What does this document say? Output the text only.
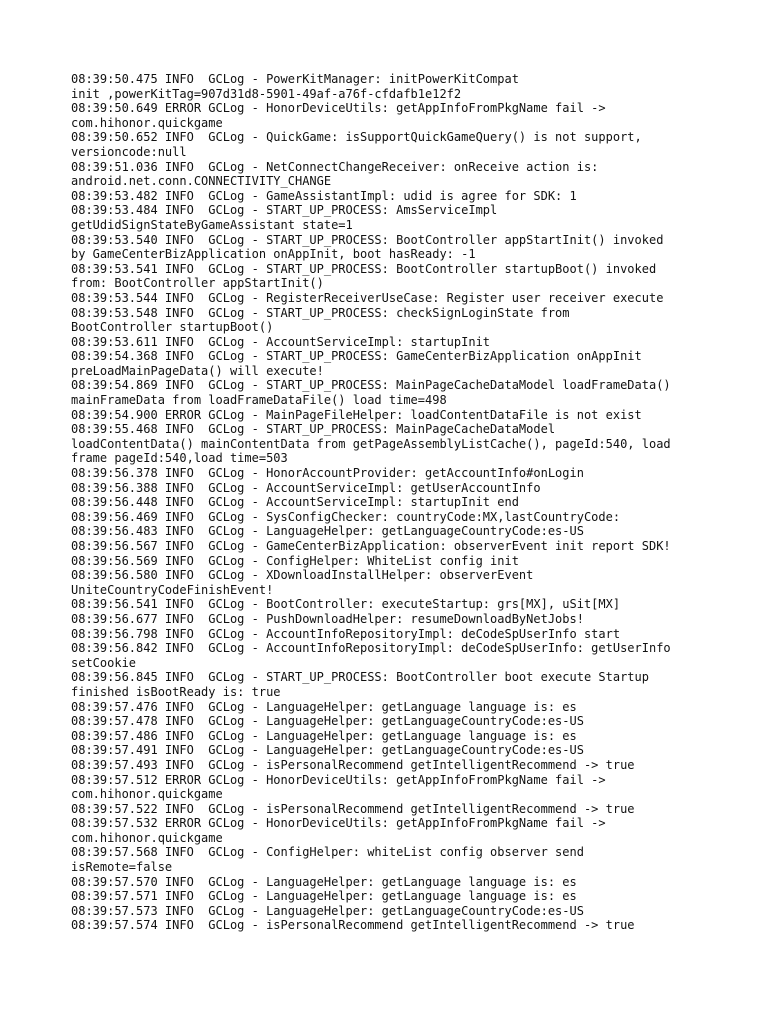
08:39:50.475 INFO  GCLog - PowerKitManager: initPowerKitCompat
init ,powerKitTag=907d31d8-5901-49af-a76f-cfdafb1e12f2
08:39:50.649 ERROR GCLog - HonorDeviceUtils: getAppInfoFromPkgName fail ->
com.hihonor.quickgame
08:39:50.652 INFO  GCLog - QuickGame: isSupportQuickGameQuery() is not support,
versioncode:null
08:39:51.036 INFO  GCLog - NetConnectChangeReceiver: onReceive action is:
android.net.conn.CONNECTIVITY_CHANGE
08:39:53.482 INFO  GCLog - GameAssistantImpl: udid is agree for SDK: 1
08:39:53.484 INFO  GCLog - START_UP_PROCESS: AmsServiceImpl
getUdidSignStateByGameAssistant state=1
08:39:53.540 INFO  GCLog - START_UP_PROCESS: BootController appStartInit() invoked
by GameCenterBizApplication onAppInit, boot hasReady: -1
08:39:53.541 INFO  GCLog - START_UP_PROCESS: BootController startupBoot() invoked
from: BootController appStartInit()
08:39:53.544 INFO  GCLog - RegisterReceiverUseCase: Register user receiver execute
08:39:53.548 INFO  GCLog - START_UP_PROCESS: checkSignLoginState from
BootController startupBoot()
08:39:53.611 INFO  GCLog - AccountServiceImpl: startupInit
08:39:54.368 INFO  GCLog - START_UP_PROCESS: GameCenterBizApplication onAppInit
preLoadMainPageData() will execute!
08:39:54.869 INFO  GCLog - START_UP_PROCESS: MainPageCacheDataModel loadFrameData()
mainFrameData from loadFrameDataFile() load time=498
08:39:54.900 ERROR GCLog - MainPageFileHelper: loadContentDataFile is not exist
08:39:55.468 INFO  GCLog - START_UP_PROCESS: MainPageCacheDataModel
loadContentData() mainContentData from getPageAssemblyListCache(), pageId:540, load
frame pageId:540,load time=503
08:39:56.378 INFO  GCLog - HonorAccountProvider: getAccountInfo#onLogin
08:39:56.388 INFO  GCLog - AccountServiceImpl: getUserAccountInfo
08:39:56.448 INFO  GCLog - AccountServiceImpl: startupInit end
08:39:56.469 INFO  GCLog - SysConfigChecker: countryCode:MX,lastCountryCode:
08:39:56.483 INFO  GCLog - LanguageHelper: getLanguageCountryCode:es-US
08:39:56.567 INFO  GCLog - GameCenterBizApplication: observerEvent init report SDK!
08:39:56.569 INFO  GCLog - ConfigHelper: WhiteList config init
08:39:56.580 INFO  GCLog - XDownloadInstallHelper: observerEvent
UniteCountryCodeFinishEvent!
08:39:56.541 INFO  GCLog - BootController: executeStartup: grs[MX], uSit[MX]
08:39:56.677 INFO  GCLog - PushDownloadHelper: resumeDownloadByNetJobs!
08:39:56.798 INFO  GCLog - AccountInfoRepositoryImpl: deCodeSpUserInfo start
08:39:56.842 INFO  GCLog - AccountInfoRepositoryImpl: deCodeSpUserInfo: getUserInfo
setCookie
08:39:56.845 INFO  GCLog - START_UP_PROCESS: BootController boot execute Startup
finished isBootReady is: true
08:39:57.476 INFO  GCLog - LanguageHelper: getLanguage language is: es
08:39:57.478 INFO  GCLog - LanguageHelper: getLanguageCountryCode:es-US
08:39:57.486 INFO  GCLog - LanguageHelper: getLanguage language is: es
08:39:57.491 INFO  GCLog - LanguageHelper: getLanguageCountryCode:es-US
08:39:57.493 INFO  GCLog - isPersonalRecommend getIntelligentRecommend -> true
08:39:57.512 ERROR GCLog - HonorDeviceUtils: getAppInfoFromPkgName fail ->
com.hihonor.quickgame
08:39:57.522 INFO  GCLog - isPersonalRecommend getIntelligentRecommend -> true
08:39:57.532 ERROR GCLog - HonorDeviceUtils: getAppInfoFromPkgName fail ->
com.hihonor.quickgame
08:39:57.568 INFO  GCLog - ConfigHelper: whiteList config observer send
isRemote=false
08:39:57.570 INFO  GCLog - LanguageHelper: getLanguage language is: es
08:39:57.571 INFO  GCLog - LanguageHelper: getLanguage language is: es
08:39:57.573 INFO  GCLog - LanguageHelper: getLanguageCountryCode:es-US
08:39:57.574 INFO  GCLog - isPersonalRecommend getIntelligentRecommend -> true
